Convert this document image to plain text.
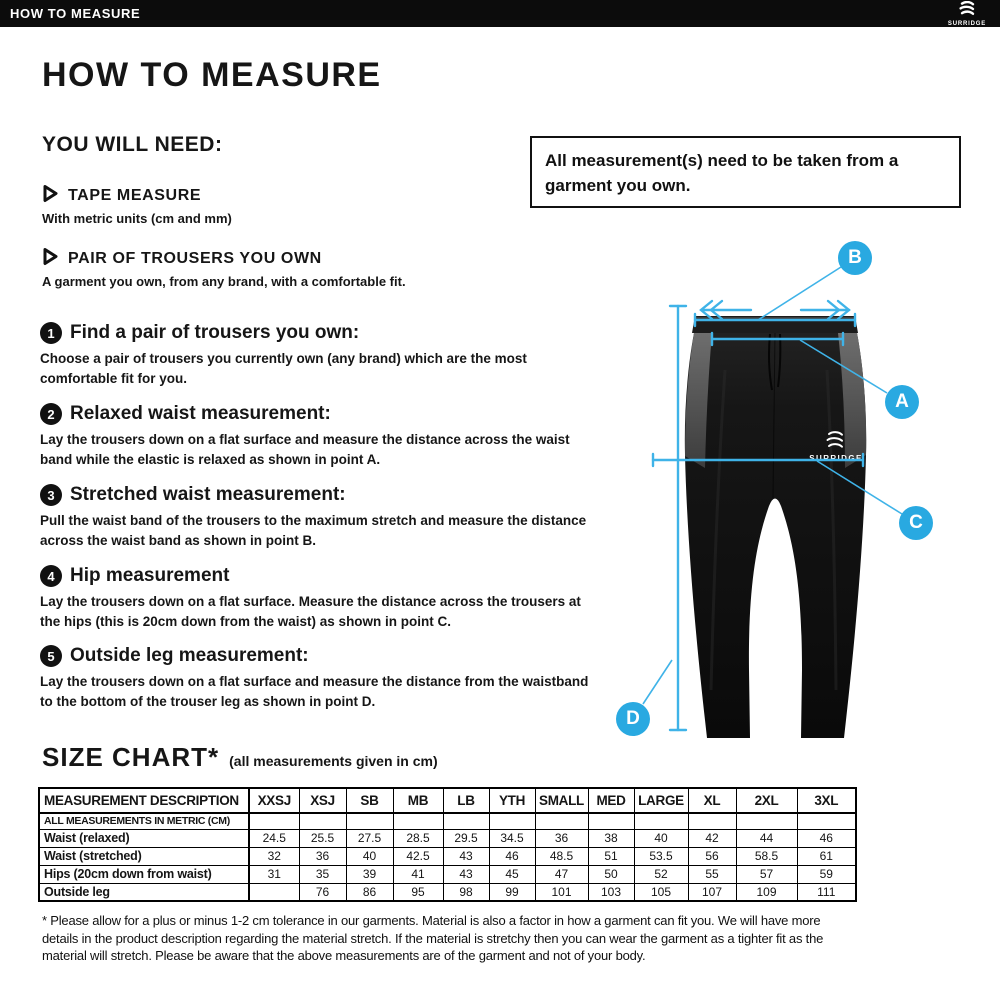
HOW TO MEASURE
SURRIDGE
HOW TO MEASURE
YOU WILL NEED:
TAPE MEASURE
With metric units (cm and mm)
PAIR OF TROUSERS YOU OWN
A garment you own, from any brand, with a comfortable fit.

All measurement(s) need to be taken from a garment you own.

1 Find a pair of trousers you own:
Choose a pair of trousers you currently own (any brand) which are the most comfortable fit for you.
2 Relaxed waist measurement:
Lay the trousers down on a flat surface and measure the distance across the waist band while the elastic is relaxed as shown in point A.
3 Stretched waist measurement:
Pull the waist band of the trousers to the maximum stretch and measure the distance across the waist band as shown in point B.
4 Hip measurement
Lay the trousers down on a flat surface. Measure the distance across the trousers at the hips (this is 20cm down from the waist) as shown in point C.
5 Outside leg measurement:
Lay the trousers down on a flat surface and measure the distance from the waistband to the bottom of the trouser leg as shown in point D.
SURRIDGE
B
A
C
D
SIZE CHART* (all measurements given in cm)
MEASUREMENT DESCRIPTION	XXSJ	XSJ	SB	MB	LB	YTH	SMALL	MED	LARGE	XL	2XL	3XL
ALL MEASUREMENTS IN METRIC (CM)												
Waist (relaxed)	24.5	25.5	27.5	28.5	29.5	34.5	36	38	40	42	44	46
Waist (stretched)	32	36	40	42.5	43	46	48.5	51	53.5	56	58.5	61
Hips (20cm down from waist)	31	35	39	41	43	45	47	50	52	55	57	59
Outside leg		76	86	95	98	99	101	103	105	107	109	111
* Please allow for a plus or minus 1-2 cm tolerance in our garments. Material is also a factor in how a garment can fit you. We will have more details in the product description regarding the material stretch. If the material is stretchy then you can wear the garment as a tighter fit as the material will stretch. Please be aware that the above measurements are of the garment and not of your body.
